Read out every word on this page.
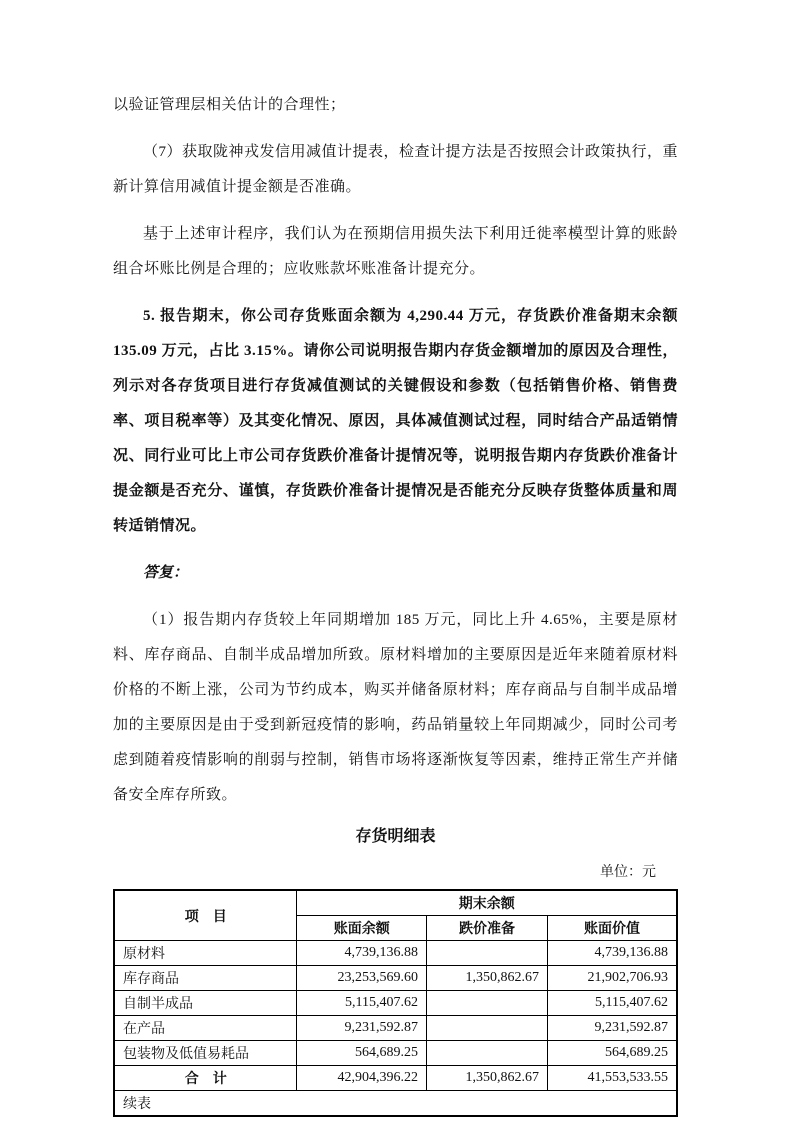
以验证管理层相关估计的合理性；

（7）获取陇神戎发信用减值计提表，检查计提方法是否按照会计政策执行，重新计算信用减值计提金额是否准确。

基于上述审计程序，我们认为在预期信用损失法下利用迁徙率模型计算的账龄组合坏账比例是合理的；应收账款坏账准备计提充分。

5. 报告期末，你公司存货账面余额为 4,290.44 万元，存货跌价准备期末余额 135.09 万元，占比 3.15%。请你公司说明报告期内存货金额增加的原因及合理性，列示对各存货项目进行存货减值测试的关键假设和参数（包括销售价格、销售费率、项目税率等）及其变化情况、原因，具体减值测试过程，同时结合产品适销情况、同行业可比上市公司存货跌价准备计提情况等，说明报告期内存货跌价准备计提金额是否充分、谨慎，存货跌价准备计提情况是否能充分反映存货整体质量和周转适销情况。

答复：

（1）报告期内存货较上年同期增加 185 万元，同比上升 4.65%，主要是原材料、库存商品、自制半成品增加所致。原材料增加的主要原因是近年来随着原材料价格的不断上涨，公司为节约成本，购买并储备原材料；库存商品与自制半成品增加的主要原因是由于受到新冠疫情的影响，药品销量较上年同期减少，同时公司考虑到随着疫情影响的削弱与控制，销售市场将逐渐恢复等因素，维持正常生产并储备安全库存所致。

存货明细表
单位：元
项　目	期末余额		
	账面余额	跌价准备	账面价值
原材料	4,739,136.88		4,739,136.88
库存商品	23,253,569.60	1,350,862.67	21,902,706.93
自制半成品	5,115,407.62		5,115,407.62
在产品	9,231,592.87		9,231,592.87
包装物及低值易耗品	564,689.25		564,689.25
合　计	42,904,396.22	1,350,862.67	41,553,533.55
续表			
